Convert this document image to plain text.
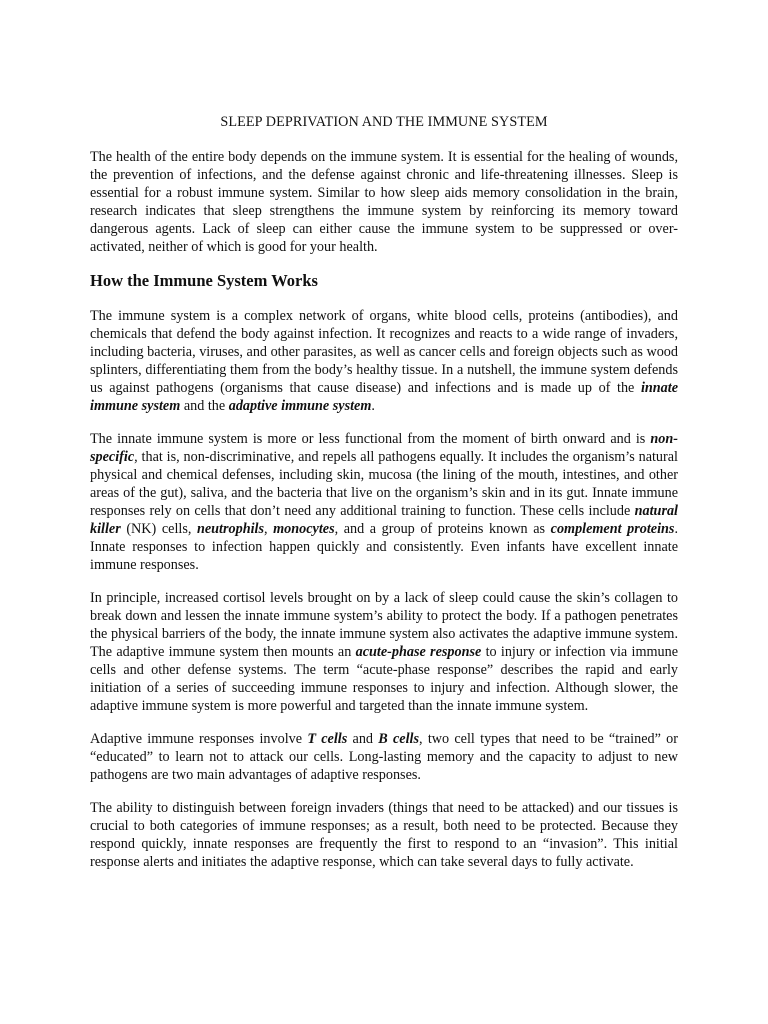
SLEEP DEPRIVATION AND THE IMMUNE SYSTEM

The health of the entire body depends on the immune system. It is essential for the healing of wounds, the prevention of infections, and the defense against chronic and life-threatening illnesses. Sleep is essential for a robust immune system. Similar to how sleep aids memory consolidation in the brain, research indicates that sleep strengthens the immune system by reinforcing its memory toward dangerous agents. Lack of sleep can either cause the immune system to be suppressed or over-activated, neither of which is good for your health.

How the Immune System Works

The immune system is a complex network of organs, white blood cells, proteins (antibodies), and chemicals that defend the body against infection. It recognizes and reacts to a wide range of invaders, including bacteria, viruses, and other parasites, as well as cancer cells and foreign objects such as wood splinters, differentiating them from the body’s healthy tissue. In a nutshell, the immune system defends us against pathogens (organisms that cause disease) and infections and is made up of the innate immune system and the adaptive immune system.

The innate immune system is more or less functional from the moment of birth onward and is non-specific, that is, non-discriminative, and repels all pathogens equally. It includes the organism’s natural physical and chemical defenses, including skin, mucosa (the lining of the mouth, intestines, and other areas of the gut), saliva, and the bacteria that live on the organism’s skin and in its gut. Innate immune responses rely on cells that don’t need any additional training to function. These cells include natural killer (NK) cells, neutrophils, monocytes, and a group of proteins known as complement proteins. Innate responses to infection happen quickly and consistently. Even infants have excellent innate immune responses.

In principle, increased cortisol levels brought on by a lack of sleep could cause the skin’s collagen to break down and lessen the innate immune system’s ability to protect the body. If a pathogen penetrates the physical barriers of the body, the innate immune system also activates the adaptive immune system. The adaptive immune system then mounts an acute-phase response to injury or infection via immune cells and other defense systems. The term “acute-phase response” describes the rapid and early initiation of a series of succeeding immune responses to injury and infection. Although slower, the adaptive immune system is more powerful and targeted than the innate immune system.

Adaptive immune responses involve T cells and B cells, two cell types that need to be “trained” or “educated” to learn not to attack our cells. Long-lasting memory and the capacity to adjust to new pathogens are two main advantages of adaptive responses.

The ability to distinguish between foreign invaders (things that need to be attacked) and our tissues is crucial to both categories of immune responses; as a result, both need to be protected. Because they respond quickly, innate responses are frequently the first to respond to an “invasion”. This initial response alerts and initiates the adaptive response, which can take several days to fully activate.
